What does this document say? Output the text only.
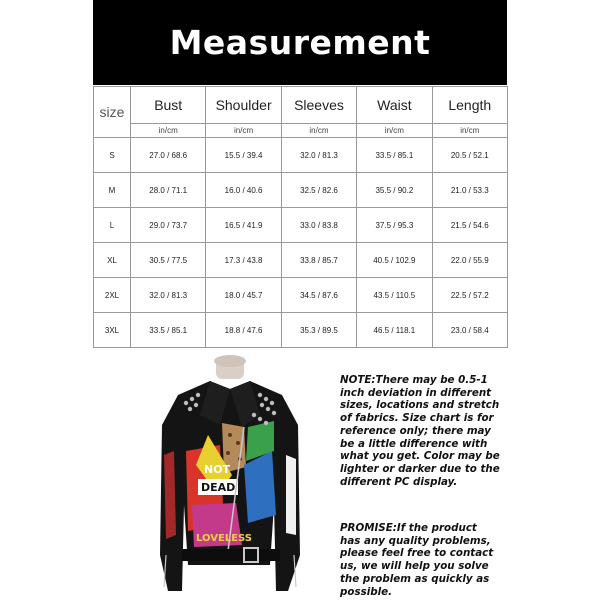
Measurement
size	Bust	Shoulder	Sleeves	Waist	Length
	in/cm	in/cm	in/cm	in/cm	in/cm
S	27.0 / 68.6	15.5 / 39.4	32.0 / 81.3	33.5 / 85.1	20.5 / 52.1
M	28.0 / 71.1	16.0 / 40.6	32.5 / 82.6	35.5 / 90.2	21.0 / 53.3
L	29.0 / 73.7	16.5 / 41.9	33.0 / 83.8	37.5 / 95.3	21.5 / 54.6
XL	30.5 / 77.5	17.3 / 43.8	33.8 / 85.7	40.5 / 102.9	22.0 / 55.9
2XL	32.0 / 81.3	18.0 / 45.7	34.5 / 87.6	43.5 / 110.5	22.5 / 57.2
3XL	33.5 / 85.1	18.8 / 47.6	35.3 / 89.5	46.5 / 118.1	23.0 / 58.4
NOT
DEAD
LOVELESS
NOTE:There may be 0.5-1 inch deviation in different sizes, locations and stretch of fabrics. Size chart is for reference only; there may be a little difference with what you get. Color may be lighter or darker due to the different PC display.
PROMISE:If the product has any quality problems, please feel free to contact us, we will help you solve the problem as quickly as possible.
